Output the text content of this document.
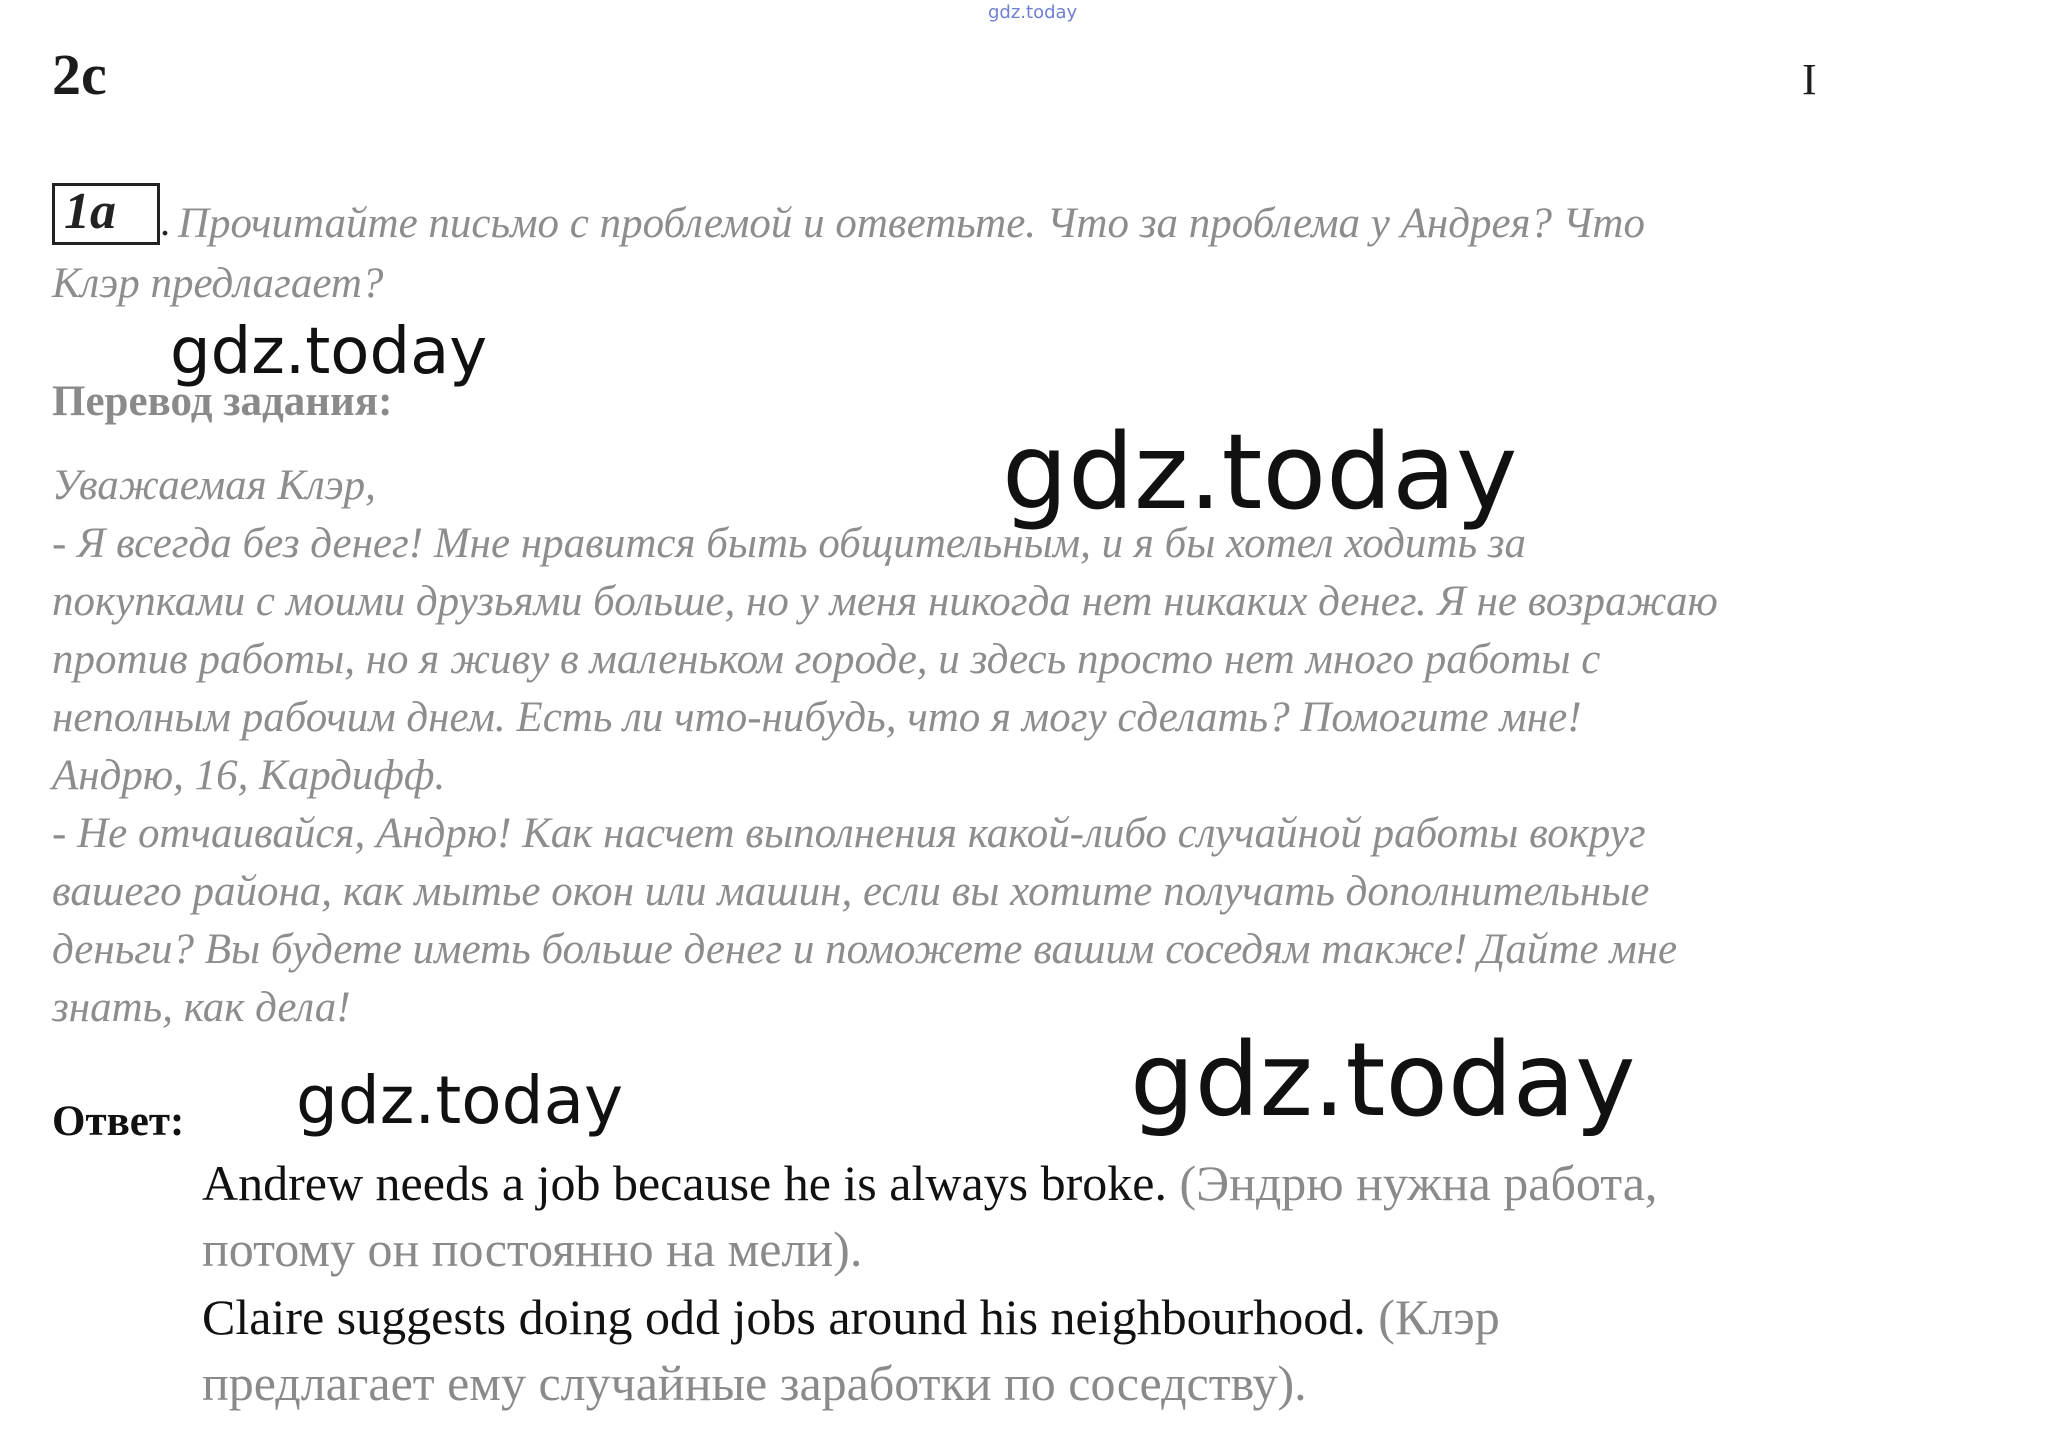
gdz.today
2c	I
1a . Прочитайте письмо с проблемой и ответьте. Что за проблема у Андрея? Что
Клэр предлагает?
Перевод задания:
Уважаемая Клэр,
- Я всегда без денег! Мне нравится быть общительным, и я бы хотел ходить за
покупками с моими друзьями больше, но у меня никогда нет никаких денег. Я не возражаю
против работы, но я живу в маленьком городе, и здесь просто нет много работы с
неполным рабочим днем. Есть ли что-нибудь, что я могу сделать? Помогите мне!
Андрю, 16, Кардифф.
- Не отчаивайся, Андрю! Как насчет выполнения какой-либо случайной работы вокруг
вашего района, как мытье окон или машин, если вы хотите получать дополнительные
деньги? Вы будете иметь больше денег и поможете вашим соседям также! Дайте мне
знать, как дела!
Ответ:
Andrew needs a job because he is always broke. (Эндрю нужна работа,
потому он постоянно на мели).
Claire suggests doing odd jobs around his neighbourhood. (Клэр
предлагает ему случайные заработки по соседству).
gdz.today
gdz.today
gdz.today	gdz.today
